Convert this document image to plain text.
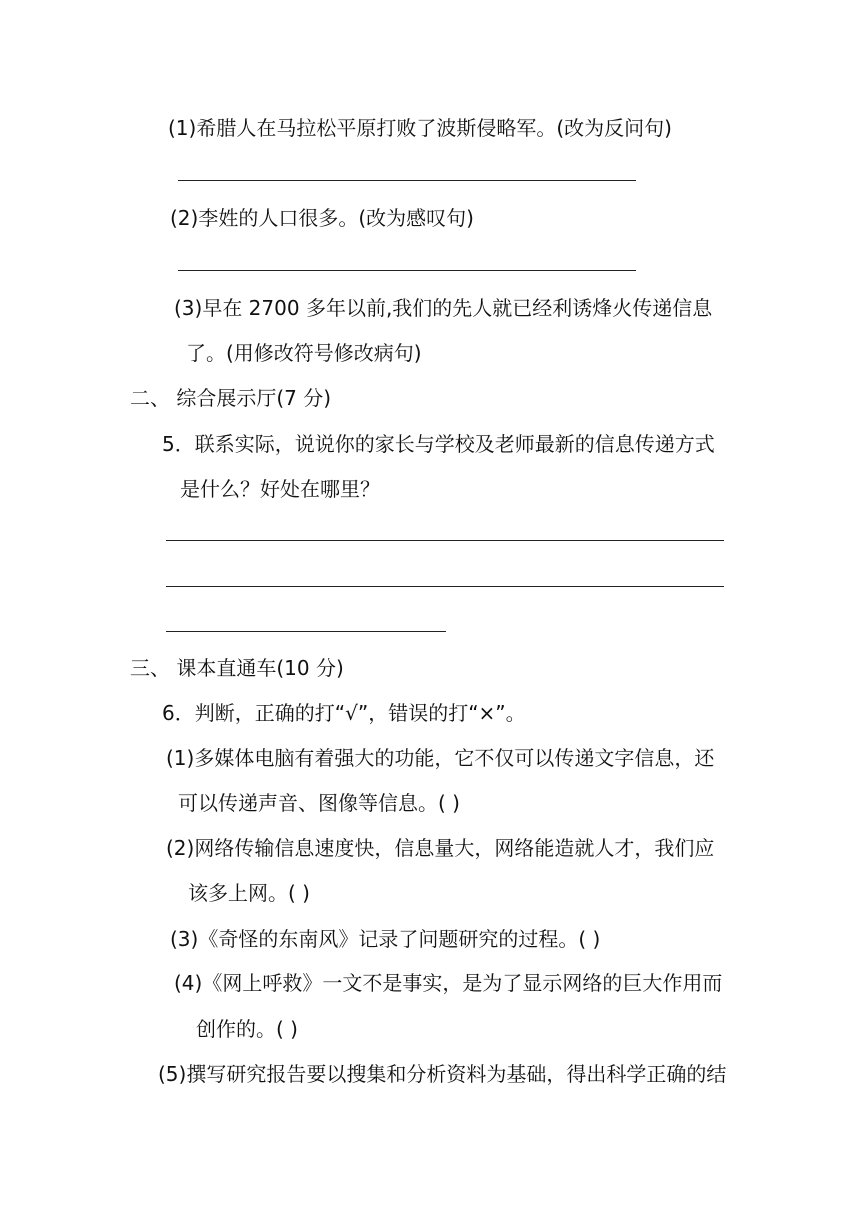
(1)希腊人在马拉松平原打败了波斯侵略军。(改为反问句)
(2)李姓的人口很多。(改为感叹句)
(3)早在 2700 多年以前,我们的先人就已经利诱烽火传递信息
了。(用修改符号修改病句)
二、 综合展示厅(7 分)
5．联系实际，说说你的家长与学校及老师最新的信息传递方式
是什么？好处在哪里？
三、 课本直通车(10 分)
6．判断，正确的打“√”，错误的打“×”。
(1)多媒体电脑有着强大的功能，它不仅可以传递文字信息，还
可以传递声音、图像等信息。( )
(2)网络传输信息速度快，信息量大，网络能造就人才，我们应
该多上网。( )
(3)《奇怪的东南风》记录了问题研究的过程。( )
(4)《网上呼救》一文不是事实，是为了显示网络的巨大作用而
创作的。( )
(5)撰写研究报告要以搜集和分析资料为基础，得出科学正确的结
